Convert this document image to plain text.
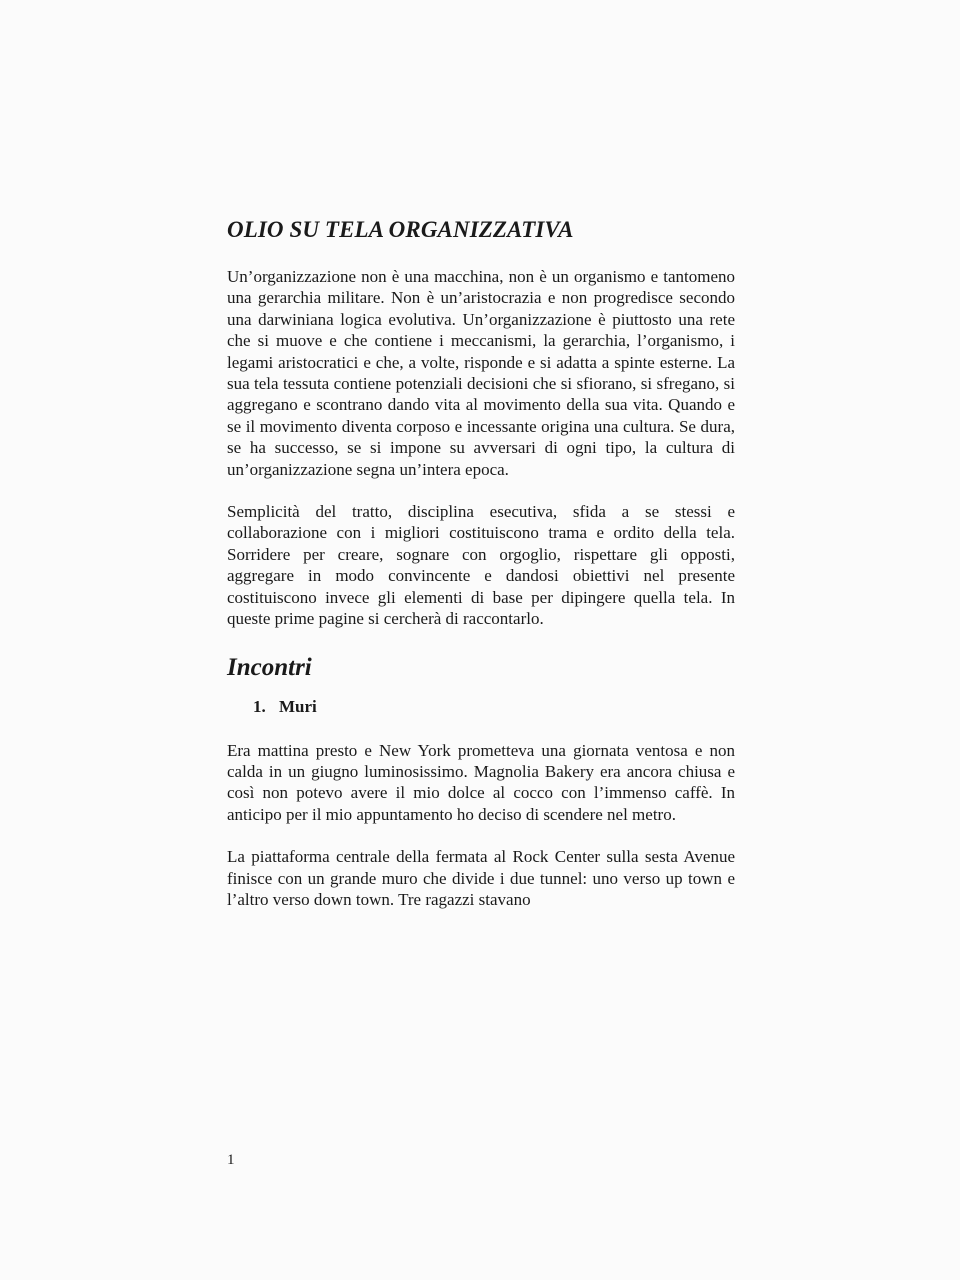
OLIO SU TELA ORGANIZZATIVA

Un’organizzazione non è una macchina, non è un organismo e tantomeno una gerarchia militare. Non è un’aristocrazia e non progredisce secondo una darwiniana logica evolutiva. Un’organizzazione è piuttosto una rete che si muove e che contiene i meccanismi, la gerarchia, l’organismo, i legami aristocratici e che, a volte, risponde e si adatta a spinte esterne. La sua tela tessuta contiene potenziali decisioni che si sfiorano, si sfregano, si aggregano e scontrano dando vita al movimento della sua vita. Quando e se il movimento diventa corposo e incessante origina una cultura. Se dura, se ha successo, se si impone su avversari di ogni tipo, la cultura di un’organizzazione segna un’intera epoca.

Semplicità del tratto, disciplina esecutiva, sfida a se stessi e collaborazione con i migliori costituiscono trama e ordito della tela. Sorridere per creare, sognare con orgoglio, rispettare gli opposti, aggregare in modo convincente e dandosi obiettivi nel presente costituiscono invece gli elementi di base per dipingere quella tela. In queste prime pagine si cercherà di raccontarlo.

Incontri
1. Muri

Era mattina presto e New York prometteva una giornata ventosa e non calda in un giugno luminosissimo. Magnolia Bakery era ancora chiusa e così non potevo avere il mio dolce al cocco con l’immenso caffè. In anticipo per il mio appuntamento ho deciso di scendere nel metro.

La piattaforma centrale della fermata al Rock Center sulla sesta Avenue finisce con un grande muro che divide i due tunnel: uno verso up town e l’altro verso down town. Tre ragazzi stavano

1
